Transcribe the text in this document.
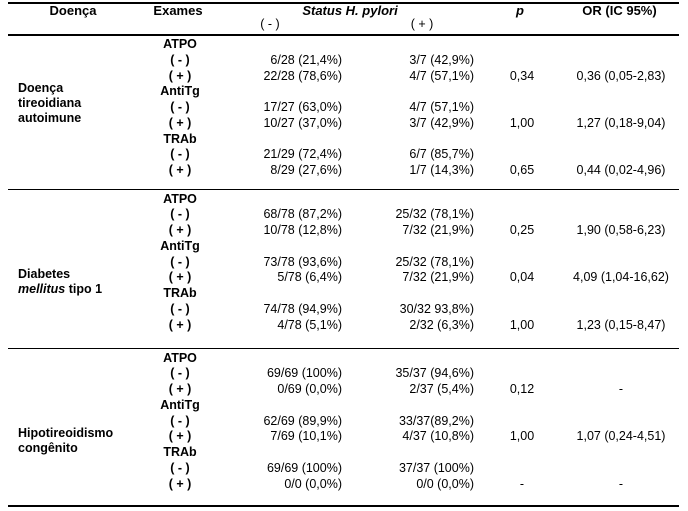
Doença	Exames	Status H. pylori
( - )	( + )
p	OR (IC 95%)
Doença
tireoidiana
autoimune
ATPO
( - )	6/28 (21,4%)	3/7 (42,9%)
( + )	22/28 (78,6%)	4/7 (57,1%)	0,34	0,36 (0,05-2,83)
AntiTg
( - )	17/27 (63,0%)	4/7 (57,1%)
( + )	10/27 (37,0%)	3/7 (42,9%)	1,00	1,27 (0,18-9,04)
TRAb
( - )	21/29 (72,4%)	6/7 (85,7%)
( + )	8/29 (27,6%)	1/7 (14,3%)	0,65	0,44 (0,02-4,96)
Diabetes
mellitus tipo 1
ATPO
( - )	68/78 (87,2%)	25/32 (78,1%)
( + )	10/78 (12,8%)	7/32 (21,9%)	0,25	1,90 (0,58-6,23)
AntiTg
( - )	73/78 (93,6%)	25/32 (78,1%)
( + )	5/78 (6,4%)	7/32 (21,9%)	0,04	4,09 (1,04-16,62)
TRAb
( - )	74/78 (94,9%)	30/32 93,8%)
( + )	4/78 (5,1%)	2/32 (6,3%)	1,00	1,23 (0,15-8,47)
Hipotireoidismo
congênito
ATPO
( - )	69/69 (100%)	35/37 (94,6%)
( + )	0/69 (0,0%)	2/37 (5,4%)	0,12	-
AntiTg
( - )	62/69 (89,9%)	33/37(89,2%)
( + )	7/69 (10,1%)	4/37 (10,8%)	1,00	1,07 (0,24-4,51)
TRAb
( - )	69/69 (100%)	37/37 (100%)
( + )	0/0 (0,0%)	0/0 (0,0%)	-	-
